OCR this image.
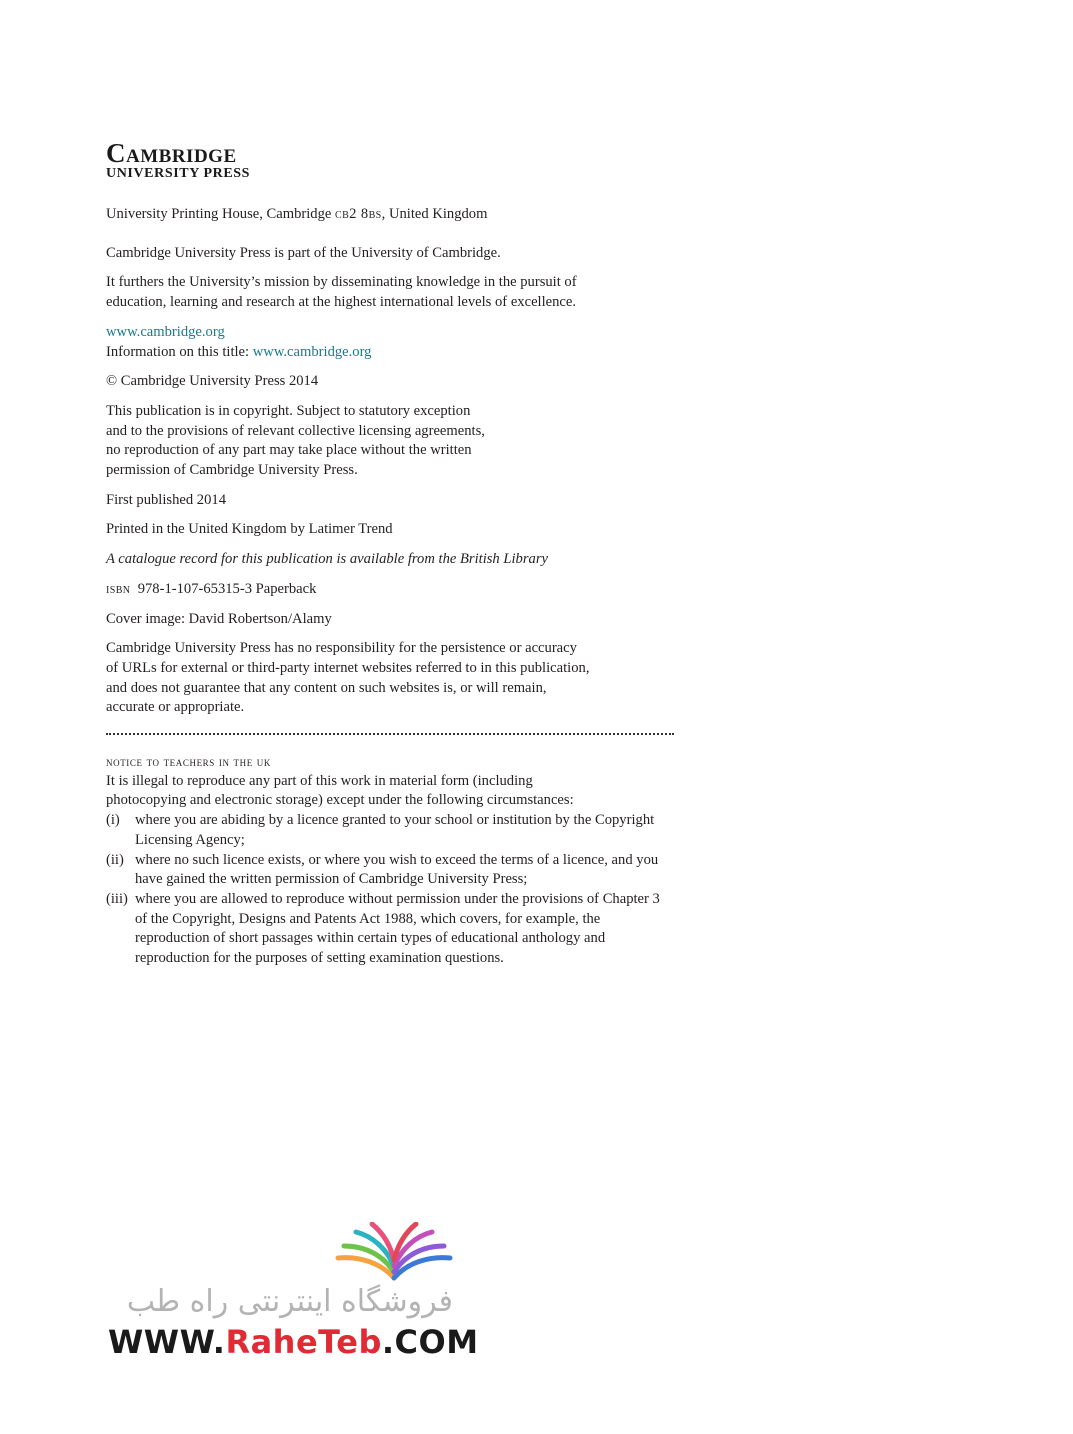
Cambridge
UNIVERSITY PRESS

University Printing House, Cambridge cb2 8bs, United Kingdom

Cambridge University Press is part of the University of Cambridge.

It furthers the University’s mission by disseminating knowledge in the pursuit of education, learning and research at the highest international levels of excellence.

www.cambridge.org
Information on this title: www.cambridge.org

© Cambridge University Press 2014

This publication is in copyright. Subject to statutory exception
and to the provisions of relevant collective licensing agreements,
no reproduction of any part may take place without the written
permission of Cambridge University Press.

First published 2014

Printed in the United Kingdom by Latimer Trend

A catalogue record for this publication is available from the British Library

isbn 978-1-107-65315-3 Paperback

Cover image: David Robertson/Alamy

Cambridge University Press has no responsibility for the persistence or accuracy
of URLs for external or third-party internet websites referred to in this publication,
and does not guarantee that any content on such websites is, or will remain,
accurate or appropriate.

notice to teachers in the uk
It is illegal to reproduce any part of this work in material form (including
photocopying and electronic storage) except under the following circumstances:
(i)	where you are abiding by a licence granted to your school or institution by the Copyright Licensing Agency;
(ii) where no such licence exists, or where you wish to exceed the terms of a licence, and you have gained the written permission of Cambridge University Press;
(iii) where you are allowed to reproduce without permission under the provisions of Chapter 3 of the Copyright, Designs and Patents Act 1988, which covers, for example, the reproduction of short passages within certain types of educational anthology and reproduction for the purposes of setting examination questions.
فروشگاه اینترنتی راه طب
WWW.RaheTeb.COM
